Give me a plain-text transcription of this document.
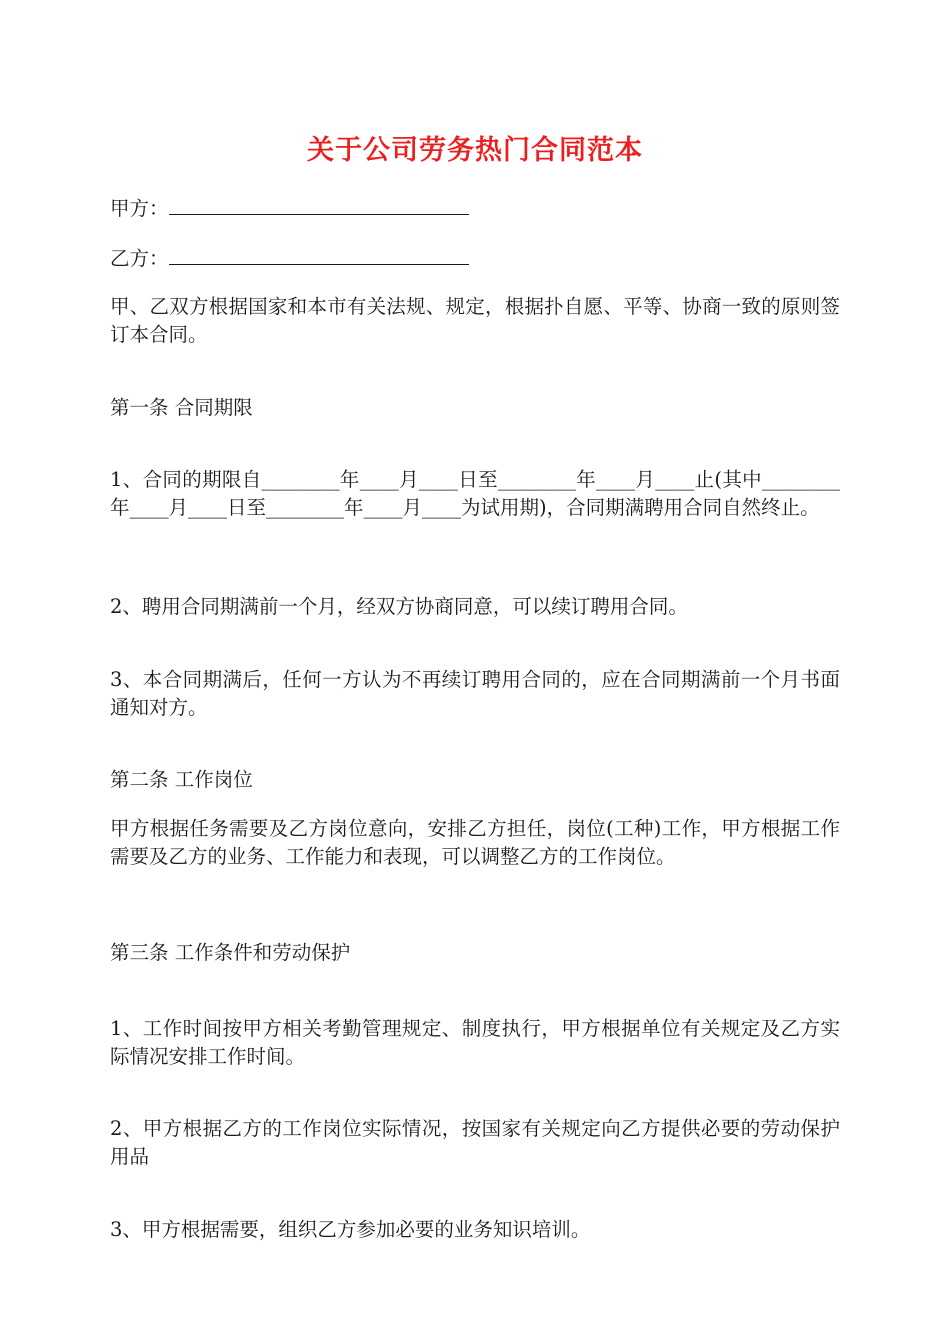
关于公司劳务热门合同范本
甲方：
乙方：
甲、乙双方根据国家和本市有关法规、规定，根据扑自愿、平等、协商一致的原则签订本合同。
第一条 合同期限
1、合同的期限自________年____月____日至________年____月____止(其中________年____月____日至________年____月____为试用期)，合同期满聘用合同自然终止。
2、聘用合同期满前一个月，经双方协商同意，可以续订聘用合同。
3、本合同期满后，任何一方认为不再续订聘用合同的，应在合同期满前一个月书面通知对方。
第二条 工作岗位
甲方根据任务需要及乙方岗位意向，安排乙方担任，岗位(工种)工作，甲方根据工作需要及乙方的业务、工作能力和表现，可以调整乙方的工作岗位。
第三条 工作条件和劳动保护
1、工作时间按甲方相关考勤管理规定、制度执行，甲方根据单位有关规定及乙方实际情况安排工作时间。
2、甲方根据乙方的工作岗位实际情况，按国家有关规定向乙方提供必要的劳动保护用品
3、甲方根据需要，组织乙方参加必要的业务知识培训。
